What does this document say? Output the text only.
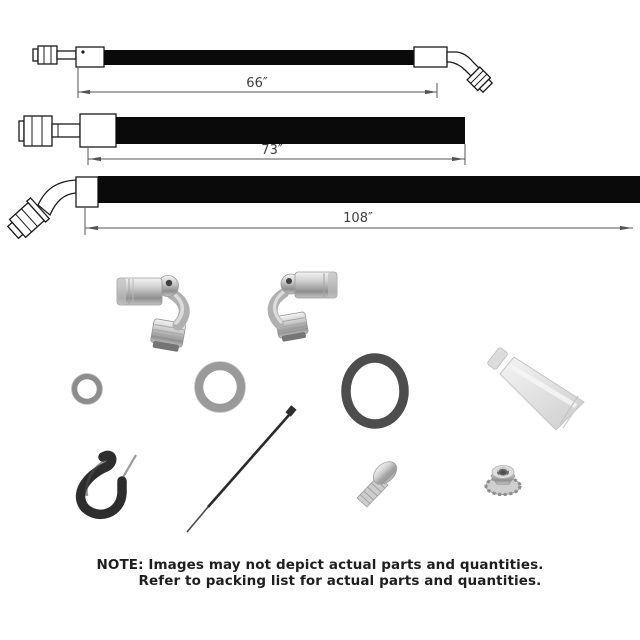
66″
73″
108″
NOTE: Images may not depict actual parts and quantities.
Refer to packing list for actual parts and quantities.
